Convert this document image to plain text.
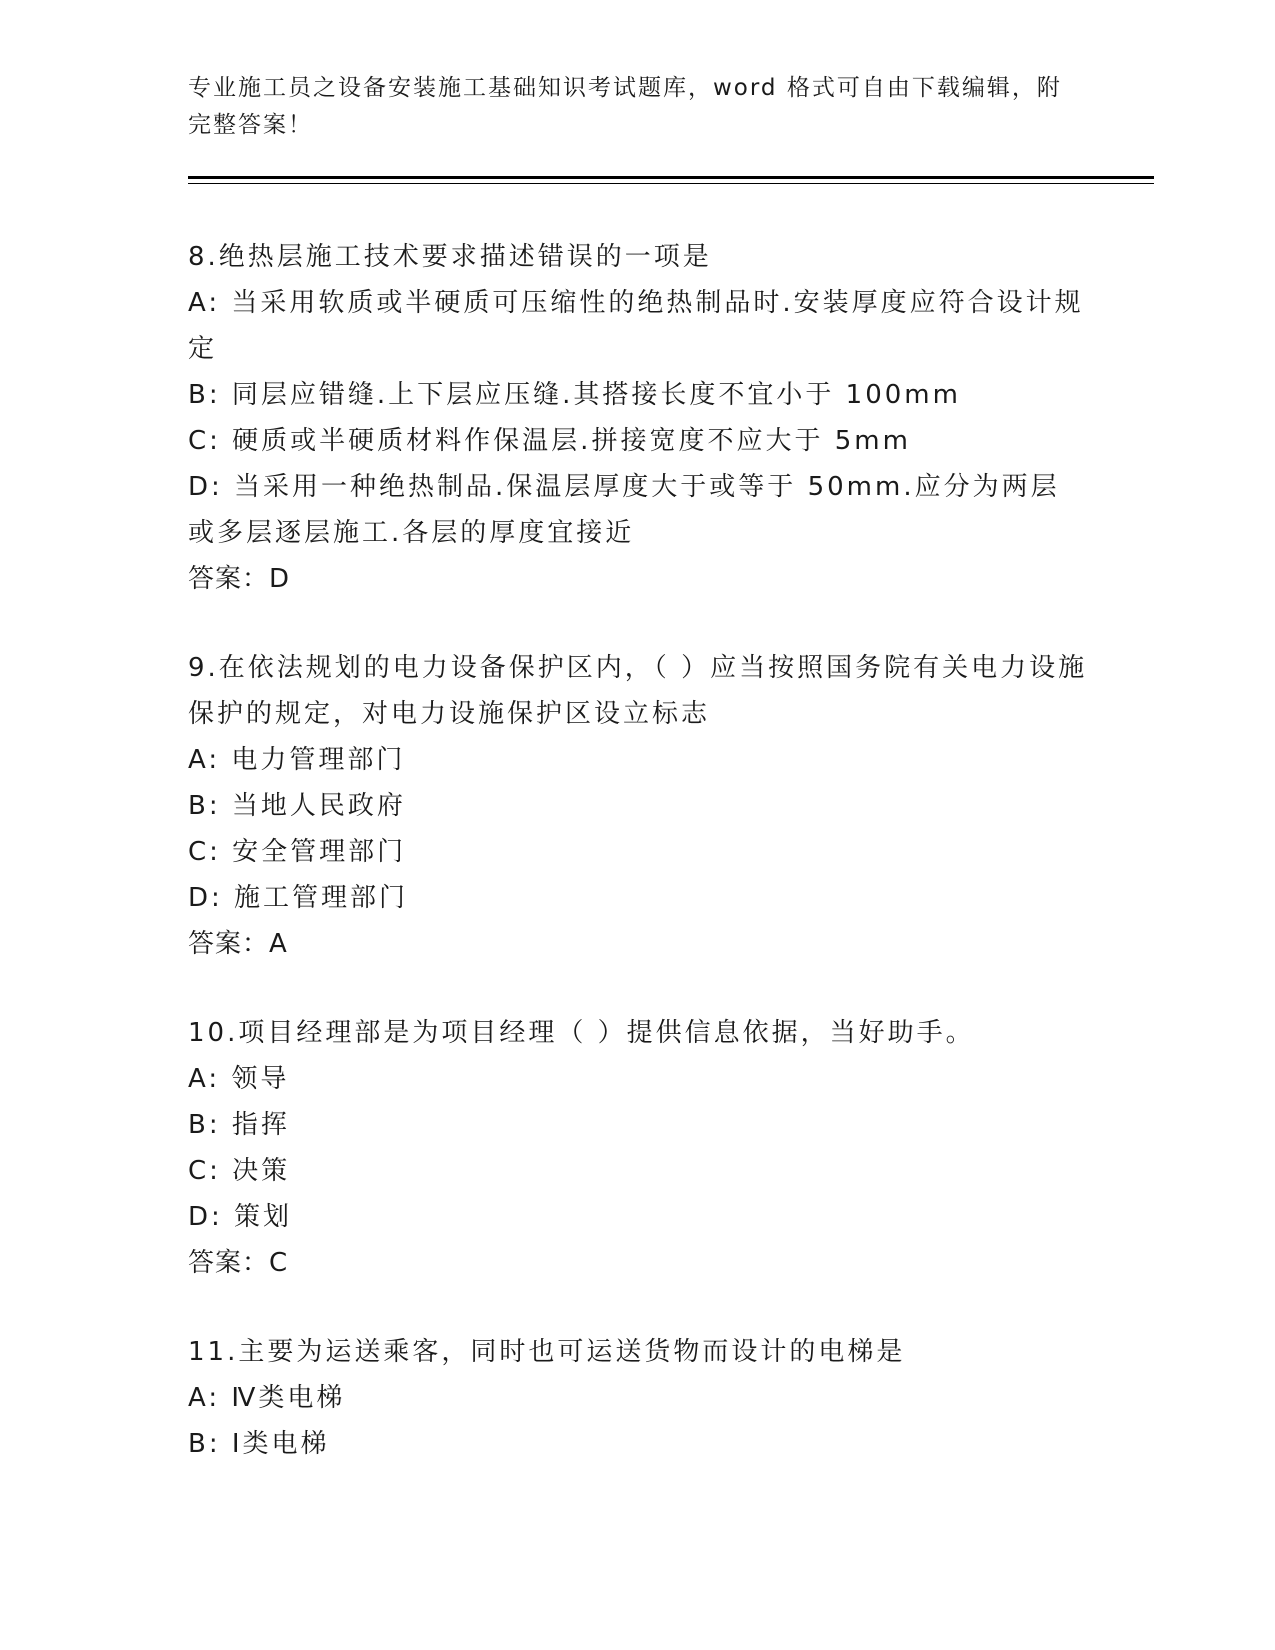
专业施工员之设备安装施工基础知识考试题库，word 格式可自由下载编辑，附完整答案！

8.绝热层施工技术要求描述错误的一项是

A: 当采用软质或半硬质可压缩性的绝热制品时.安装厚度应符合设计规定

B: 同层应错缝.上下层应压缝.其搭接长度不宜小于 100mm

C: 硬质或半硬质材料作保温层.拼接宽度不应大于 5mm

D: 当采用一种绝热制品.保温层厚度大于或等于 50mm.应分为两层或多层逐层施工.各层的厚度宜接近

答案：D

9.在依法规划的电力设备保护区内，（ ）应当按照国务院有关电力设施保护的规定，对电力设施保护区设立标志

A: 电力管理部门

B: 当地人民政府

C: 安全管理部门

D: 施工管理部门

答案：A

10.项目经理部是为项目经理（ ）提供信息依据，当好助手。

A: 领导

B: 指挥

C: 决策

D: 策划

答案：C

11.主要为运送乘客，同时也可运送货物而设计的电梯是

A: Ⅳ类电梯

B: Ⅰ类电梯
